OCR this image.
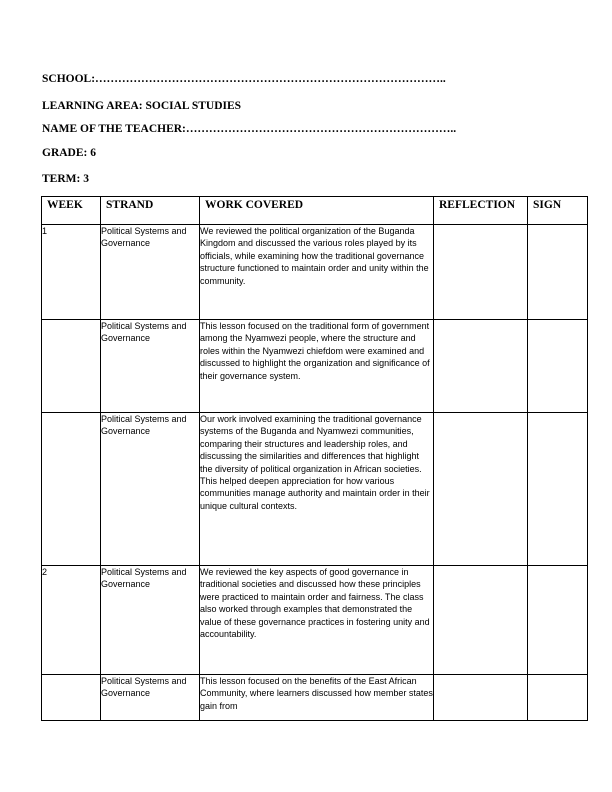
SCHOOL:………………………………………………………………………………..
LEARNING AREA: SOCIAL STUDIES
NAME OF THE TEACHER:……………………………………………………………..
GRADE: 6
TERM: 3
WEEK	STRAND	WORK COVERED	REFLECTION	SIGN
1	Political Systems and Governance	We reviewed the political organization of the Buganda Kingdom and discussed the various roles played by its officials, while examining how the traditional governance structure functioned to maintain order and unity within the community.		
	Political Systems and Governance	This lesson focused on the traditional form of government among the Nyamwezi people, where the structure and roles within the Nyamwezi chiefdom were examined and discussed to highlight the organization and significance of their governance system.		
	Political Systems and Governance	Our work involved examining the traditional governance systems of the Buganda and Nyamwezi communities, comparing their structures and leadership roles, and discussing the similarities and differences that highlight the diversity of political organization in African societies. This helped deepen appreciation for how various communities manage authority and maintain order in their unique cultural contexts.		
2	Political Systems and Governance	We reviewed the key aspects of good governance in traditional societies and discussed how these principles were practiced to maintain order and fairness. The class also worked through examples that demonstrated the value of these governance practices in fostering unity and accountability.		
	Political Systems and Governance	This lesson focused on the benefits of the East African Community, where learners discussed how member states gain from		
